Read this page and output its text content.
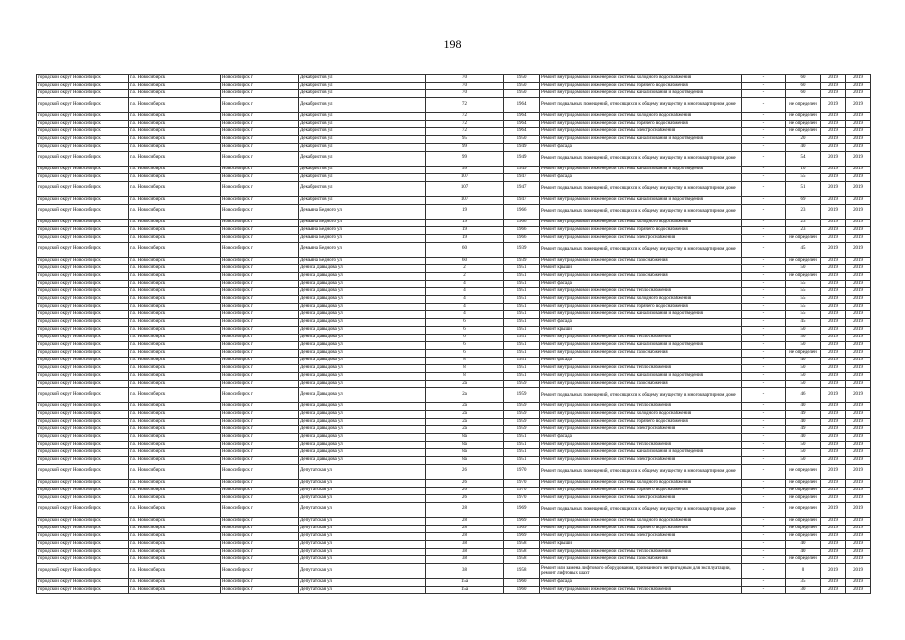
198
городской округ Новосибирск	г.о. Новосибирск	Новосибирск г	Декабристов ул	70	1950	Ремонт внутридомовой инженерной системы холодного водоснабжения	-	60	2019	2019
городской округ Новосибирск	г.о. Новосибирск	Новосибирск г	Декабристов ул	70	1950	Ремонт внутридомовой инженерной системы горячего водоснабжения	-	60	2019	2019
городской округ Новосибирск	г.о. Новосибирск	Новосибирск г	Декабристов ул	70	1950	Ремонт внутридомовой инженерной системы канализования и водоотведения	-	60	2019	2019
городской округ Новосибирск	г.о. Новосибирск	Новосибирск г	Декабристов ул	72	1964	Ремонт подвальных помещений, относящихся к общему имуществу в многоквартирном доме	-	не определен	2019	2019
городской округ Новосибирск	г.о. Новосибирск	Новосибирск г	Декабристов ул	72	1964	Ремонт внутридомовой инженерной системы холодного водоснабжения	-	не определен	2019	2019
городской округ Новосибирск	г.о. Новосибирск	Новосибирск г	Декабристов ул	72	1964	Ремонт внутридомовой инженерной системы горячего водоснабжения	-	не определен	2019	2019
городской округ Новосибирск	г.о. Новосибирск	Новосибирск г	Декабристов ул	72	1964	Ремонт внутридомовой инженерной системы электроснабжения	-	не определен	2019	2019
городской округ Новосибирск	г.о. Новосибирск	Новосибирск г	Декабристов ул	95	1950	Ремонт внутридомовой инженерной системы канализования и водоотведения	-	20	2019	2019
городской округ Новосибирск	г.о. Новосибирск	Новосибирск г	Декабристов ул	99	1949	Ремонт фасада	-	40	2019	2019
городской округ Новосибирск	г.о. Новосибирск	Новосибирск г	Декабристов ул	99	1949	Ремонт подвальных помещений, относящихся к общему имуществу в многоквартирном доме	-	54	2019	2019
городской округ Новосибирск	г.о. Новосибирск	Новосибирск г	Декабристов ул	99	1949	Ремонт внутридомовой инженерной системы канализования и водоотведения	-	10	2019	2019
городской округ Новосибирск	г.о. Новосибирск	Новосибирск г	Декабристов ул	107	1947	Ремонт фасада	-	55	2019	2019
городской округ Новосибирск	г.о. Новосибирск	Новосибирск г	Декабристов ул	107	1947	Ремонт подвальных помещений, относящихся к общему имуществу в многоквартирном доме	-	51	2019	2019
городской округ Новосибирск	г.о. Новосибирск	Новосибирск г	Декабристов ул	107	1947	Ремонт внутридомовой инженерной системы канализования и водоотведения	-	69	2019	2019
городской округ Новосибирск	г.о. Новосибирск	Новосибирск г	Демьяна Бедного ул	19	1966	Ремонт подвальных помещений, относящихся к общему имуществу в многоквартирном доме	-	23	2019	2019
городской округ Новосибирск	г.о. Новосибирск	Новосибирск г	Демьяна Бедного ул	19	1966	Ремонт внутридомовой инженерной системы холодного водоснабжения	-	23	2019	2019
городской округ Новосибирск	г.о. Новосибирск	Новосибирск г	Демьяна Бедного ул	19	1966	Ремонт внутридомовой инженерной системы горячего водоснабжения	-	23	2019	2019
городской округ Новосибирск	г.о. Новосибирск	Новосибирск г	Демьяна Бедного ул	19	1966	Ремонт внутридомовой инженерной системы электроснабжения	-	не определен	2019	2019
городской округ Новосибирск	г.о. Новосибирск	Новосибирск г	Демьяна Бедного ул	60	1939	Ремонт подвальных помещений, относящихся к общему имуществу в многоквартирном доме	-	45	2019	2019
городской округ Новосибирск	г.о. Новосибирск	Новосибирск г	Демьяна Бедного ул	60	1939	Ремонт внутридомовой инженерной системы газоснабжения	-	не определен	2019	2019
городской округ Новосибирск	г.о. Новосибирск	Новосибирск г	Денисa Давыдова ул	2	1951	Ремонт крыши	-	50	2019	2019
городской округ Новосибирск	г.о. Новосибирск	Новосибирск г	Денисa Давыдова ул	2	1951	Ремонт внутридомовой инженерной системы газоснабжения	-	не определен	2019	2019
городской округ Новосибирск	г.о. Новосибирск	Новосибирск г	Денисa Давыдова ул	4	1951	Ремонт фасада	-	55	2019	2019
городской округ Новосибирск	г.о. Новосибирск	Новосибирск г	Денисa Давыдова ул	4	1951	Ремонт внутридомовой инженерной системы теплоснабжения	-	55	2019	2019
городской округ Новосибирск	г.о. Новосибирск	Новосибирск г	Денисa Давыдова ул	4	1951	Ремонт внутридомовой инженерной системы холодного водоснабжения	-	55	2019	2019
городской округ Новосибирск	г.о. Новосибирск	Новосибирск г	Денисa Давыдова ул	4	1951	Ремонт внутридомовой инженерной системы горячего водоснабжения	-	55	2019	2019
городской округ Новосибирск	г.о. Новосибирск	Новосибирск г	Денисa Давыдова ул	4	1951	Ремонт внутридомовой инженерной системы канализования и водоотведения	-	55	2019	2019
городской округ Новосибирск	г.о. Новосибирск	Новосибирск г	Денисa Давыдова ул	6	1951	Ремонт фасада	-	45	2019	2019
городской округ Новосибирск	г.о. Новосибирск	Новосибирск г	Денисa Давыдова ул	6	1951	Ремонт крыши	-	50	2019	2019
городской округ Новосибирск	г.о. Новосибирск	Новосибирск г	Денисa Давыдова ул	6	1951	Ремонт внутридомовой инженерной системы теплоснабжения	-	50	2019	2019
городской округ Новосибирск	г.о. Новосибирск	Новосибирск г	Денисa Давыдова ул	6	1951	Ремонт внутридомовой инженерной системы канализования и водоотведения	-	50	2019	2019
городской округ Новосибирск	г.о. Новосибирск	Новосибирск г	Денисa Давыдова ул	6	1951	Ремонт внутридомовой инженерной системы газоснабжения	-	не определен	2019	2019
городской округ Новосибирск	г.о. Новосибирск	Новосибирск г	Денисa Давыдова ул	8	1951	Ремонт фасада	-	40	2019	2019
городской округ Новосибирск	г.о. Новосибирск	Новосибирск г	Денисa Давыдова ул	8	1951	Ремонт внутридомовой инженерной системы теплоснабжения	-	50	2019	2019
городской округ Новосибирск	г.о. Новосибирск	Новосибирск г	Денисa Давыдова ул	8	1951	Ремонт внутридомовой инженерной системы канализования и водоотведения	-	50	2019	2019
городской округ Новосибирск	г.о. Новосибирск	Новосибирск г	Денисa Давыдова ул	2а	1959	Ремонт внутридомовой инженерной системы газоснабжения	-	50	2019	2019
городской округ Новосибирск	г.о. Новосибирск	Новосибирск г	Денисa Давыдова ул	2а	1959	Ремонт подвальных помещений, относящихся к общему имуществу в многоквартирном доме	-	46	2019	2019
городской округ Новосибирск	г.о. Новосибирск	Новосибирск г	Денисa Давыдова ул	2а	1959	Ремонт внутридомовой инженерной системы теплоснабжения	-	40	2019	2019
городской округ Новосибирск	г.о. Новосибирск	Новосибирск г	Денисa Давыдова ул	2а	1959	Ремонт внутридомовой инженерной системы холодного водоснабжения	-	49	2019	2019
городской округ Новосибирск	г.о. Новосибирск	Новосибирск г	Денисa Давыдова ул	2а	1959	Ремонт внутридомовой инженерной системы горячего водоснабжения	-	40	2019	2019
городской округ Новосибирск	г.о. Новосибирск	Новосибирск г	Денисa Давыдова ул	2а	1959	Ремонт внутридомовой инженерной системы электроснабжения	-	49	2019	2019
городской округ Новосибирск	г.о. Новосибирск	Новосибирск г	Денисa Давыдова ул	8а	1951	Ремонт фасада	-	40	2019	2019
городской округ Новосибирск	г.о. Новосибирск	Новосибирск г	Денисa Давыдова ул	8а	1951	Ремонт внутридомовой инженерной системы теплоснабжения	-	50	2019	2019
городской округ Новосибирск	г.о. Новосибирск	Новосибирск г	Денисa Давыдова ул	8а	1951	Ремонт внутридомовой инженерной системы канализования и водоотведения	-	50	2019	2019
городской округ Новосибирск	г.о. Новосибирск	Новосибирск г	Денисa Давыдова ул	8а	1951	Ремонт внутридомовой инженерной системы электроснабжения	-	50	2019	2019
городской округ Новосибирск	г.о. Новосибирск	Новосибирск г	Депутатская ул	26	1970	Ремонт подвальных помещений, относящихся к общему имуществу в многоквартирном доме	-	не определен	2019	2019
городской округ Новосибирск	г.о. Новосибирск	Новосибирск г	Депутатская ул	26	1970	Ремонт внутридомовой инженерной системы холодного водоснабжения	-	не определен	2019	2019
городской округ Новосибирск	г.о. Новосибирск	Новосибирск г	Депутатская ул	26	1970	Ремонт внутридомовой инженерной системы горячего водоснабжения	-	не определен	2019	2019
городской округ Новосибирск	г.о. Новосибирск	Новосибирск г	Депутатская ул	26	1970	Ремонт внутридомовой инженерной системы электроснабжения	-	не определен	2019	2019
городской округ Новосибирск	г.о. Новосибирск	Новосибирск г	Депутатская ул	28	1969	Ремонт подвальных помещений, относящихся к общему имуществу в многоквартирном доме	-	не определен	2019	2019
городской округ Новосибирск	г.о. Новосибирск	Новосибирск г	Депутатская ул	28	1969	Ремонт внутридомовой инженерной системы холодного водоснабжения	-	не определен	2019	2019
городской округ Новосибирск	г.о. Новосибирск	Новосибирск г	Депутатская ул	28	1969	Ремонт внутридомовой инженерной системы горячего водоснабжения	-	не определен	2019	2019
городской округ Новосибирск	г.о. Новосибирск	Новосибирск г	Депутатская ул	28	1969	Ремонт внутридомовой инженерной системы электроснабжения	-	не определен	2019	2019
городской округ Новосибирск	г.о. Новосибирск	Новосибирск г	Депутатская ул	38	1958	Ремонт крыши	-	40	2019	2019
городской округ Новосибирск	г.о. Новосибирск	Новосибирск г	Депутатская ул	38	1958	Ремонт внутридомовой инженерной системы теплоснабжения	-	40	2019	2019
городской округ Новосибирск	г.о. Новосибирск	Новосибирск г	Депутатская ул	38	1958	Ремонт внутридомовой инженерной системы газоснабжения	-	не определен	2019	2019
городской округ Новосибирск	г.о. Новосибирск	Новосибирск г	Депутатская ул	38	1958	Ремонт или замена лифтового оборудования, признанного непригодным для эксплуатации, ремонт лифтовых шахт	-	0	2019	2019
городской округ Новосибирск	г.о. Новосибирск	Новосибирск г	Депутатская ул	15а	1960	Ремонт фасада	-	35	2019	2019
городской округ Новосибирск	г.о. Новосибирск	Новосибирск г	Депутатская ул	15а	1960	Ремонт внутридомовой инженерной системы теплоснабжения	-	30	2019	2019
